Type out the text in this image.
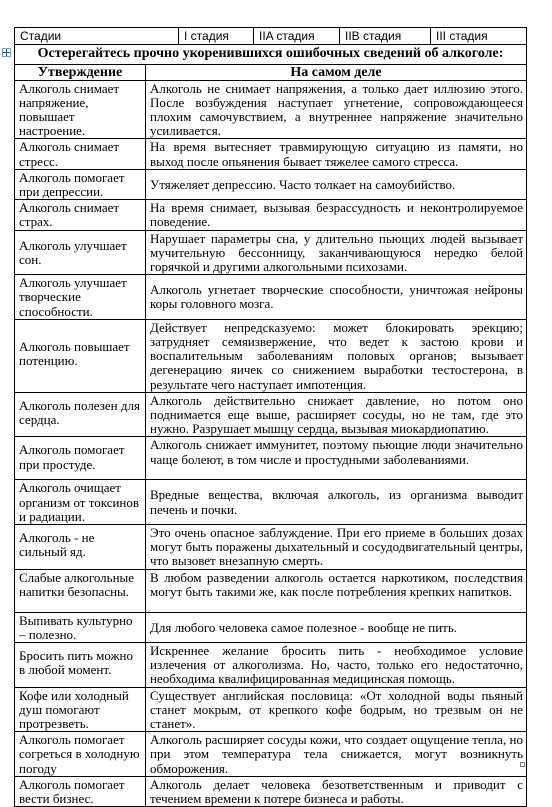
Стадии	I стадия	IIA стадия	IIB стадия	III стадия
Остерегайтесь прочно укоренившихся ошибочных сведений об алкоголе:	
Утверждение	На самом деле
Алкоголь снимает напряжение, повышает настроение.	Алкоголь не снимает напряжения, а только дает иллюзию этого. После возбуждения наступает угнетение, сопровождающееся плохим самочувствием, а внутреннее напряжение значительно усиливается.
Алкоголь снимает стресс.	На время вытесняет травмирующую ситуацию из памяти, но выход после опьянения бывает тяжелее самого стресса.
Алкоголь помогает при депрессии.	Утяжеляет депрессию. Часто толкает на самоубийство.
Алкоголь снимает страх.	На время снимает, вызывая безрассудность и неконтролируемое поведение.
Алкоголь улучшает сон.	Нарушает параметры сна, у длительно пьющих людей вызывает мучительную бессонницу, заканчивающуюся нередко белой горячкой и другими алкогольными психозами.
Алкоголь улучшает творческие способности.	Алкоголь угнетает творческие способности, уничтожая нейроны коры головного мозга.
Алкоголь повышает потенцию.	Действует непредсказуемо: может блокировать эрекцию; затрудняет семяизвержение, что ведет к застою крови и воспалительным заболеваниям половых органов; вызывает дегенерацию яичек со снижением выработки тестостерона, в результате чего наступает импотенция.
Алкоголь полезен для сердца.	Алкоголь действительно снижает давление, но потом оно поднимается еще выше, расширяет сосуды, но не там, где это нужно. Разрушает мышцу сердца, вызывая миокардиопатию.
Алкоголь помогает при простуде.	Алкоголь снижает иммунитет, поэтому пьющие люди значительно чаще болеют, в том числе и простудными заболеваниями.
Алкоголь очищает организм от токсинов и радиации.	Вредные вещества, включая алкоголь, из организма выводит печень и почки.
Алкоголь - не сильный яд.	Это очень опасное заблуждение. При его приеме в больших дозах могут быть поражены дыхательный и сосудодвигательный центры, что вызовет внезапную смерть.
Слабые алкогольные напитки безопасны.	В любом разведении алкоголь остается наркотиком, последствия могут быть такими же, как после потребления крепких напитков.
Выпивать культурно – полезно.	Для любого человека самое полезное - вообще не пить.
Бросить пить можно в любой момент.	Искреннее желание бросить пить - необходимое условие излечения от алкоголизма. Но, часто, только его недостаточно, необходима квалифицированная медицинская помощь.
Кофе или холодный душ помогают протрезветь.	Существует английская пословица: «От холодной воды пьяный станет мокрым, от крепкого кофе бодрым, но трезвым он не станет».
Алкоголь помогает согреться в холодную погоду	Алкоголь расширяет сосуды кожи, что создает ощущение тепла, но при этом температура тела снижается, могут возникнуть обморожения.
Алкоголь помогает вести бизнес.	Алкоголь делает человека безответственным и приводит с течением времени к потере бизнеса и работы.
